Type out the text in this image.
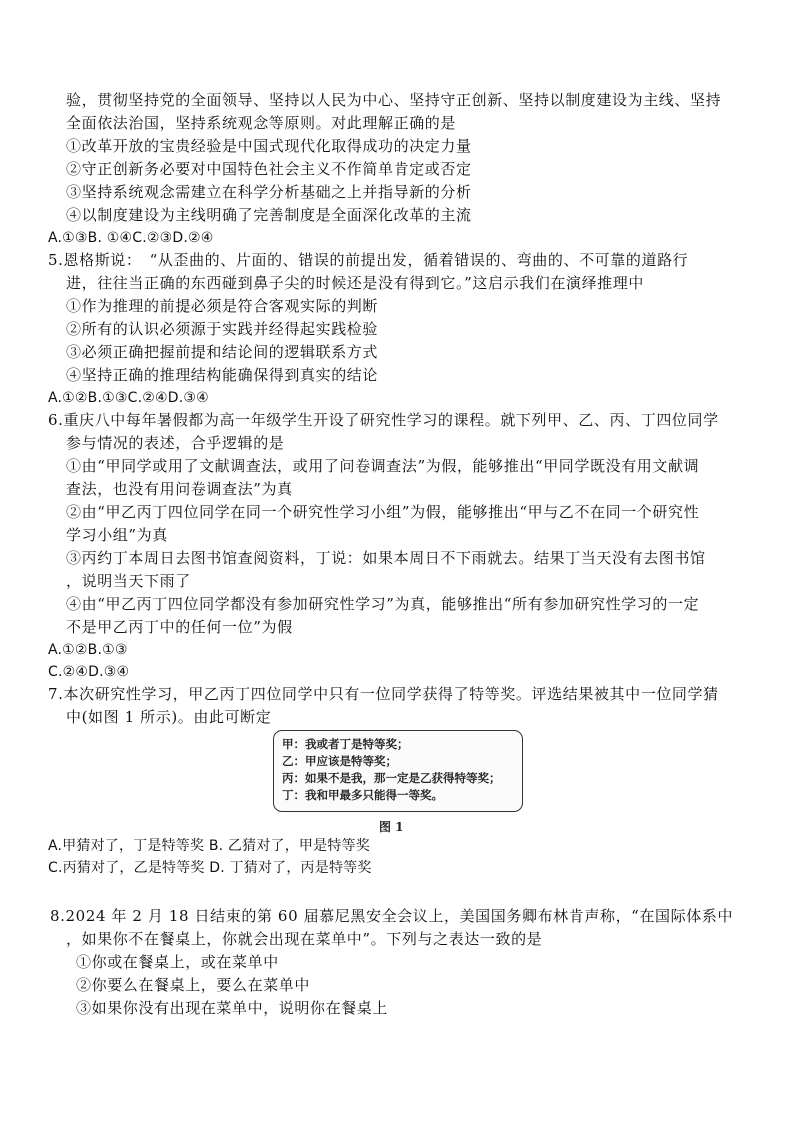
验，贯彻坚持党的全面领导、坚持以人民为中心、坚持守正创新、坚持以制度建设为主线、坚持
全面依法治国，坚持系统观念等原则。对此理解正确的是
①改革开放的宝贵经验是中国式现代化取得成功的决定力量
②守正创新务必要对中国特色社会主义不作简单肯定或否定
③坚持系统观念需建立在科学分析基础之上并指导新的分析
④以制度建设为主线明确了完善制度是全面深化改革的主流
A.①③B. ①④C.②③D.②④
5.恩格斯说：　“从歪曲的、片面的、错误的前提出发，循着错误的、弯曲的、不可靠的道路行
进，往往当正确的东西碰到鼻子尖的时候还是没有得到它。”这启示我们在演绎推理中
①作为推理的前提必须是符合客观实际的判断
②所有的认识必须源于实践并经得起实践检验
③必须正确把握前提和结论间的逻辑联系方式
④坚持正确的推理结构能确保得到真实的结论
A.①②B.①③C.②④D.③④
6.重庆八中每年暑假都为高一年级学生开设了研究性学习的课程。就下列甲、乙、丙、丁四位同学
参与情况的表述，合乎逻辑的是
①由“甲同学或用了文献调查法，或用了问卷调查法”为假，能够推出“甲同学既没有用文献调
查法，也没有用问卷调查法”为真
②由“甲乙丙丁四位同学在同一个研究性学习小组”为假，能够推出“甲与乙不在同一个研究性
学习小组”为真
③丙约丁本周日去图书馆查阅资料，丁说：如果本周日不下雨就去。结果丁当天没有去图书馆
，说明当天下雨了
④由“甲乙丙丁四位同学都没有参加研究性学习”为真，能够推出“所有参加研究性学习的一定
不是甲乙丙丁中的任何一位”为假
A.①②B.①③
C.②④D.③④
7.本次研究性学习，甲乙丙丁四位同学中只有一位同学获得了特等奖。评选结果被其中一位同学猜
中(如图 1 所示)。由此可断定
甲：我或者丁是特等奖；
乙：甲应该是特等奖；
丙：如果不是我，那一定是乙获得特等奖；
丁：我和甲最多只能得一等奖。
图 1
A.甲猜对了，丁是特等奖 B. 乙猜对了，甲是特等奖
C.丙猜对了，乙是特等奖 D. 丁猜对了，丙是特等奖
8.2024 年 2 月 18 日结束的第 60 届慕尼黑安全会议上，美国国务卿布林肯声称，“在国际体系中
，如果你不在餐桌上，你就会出现在菜单中”。下列与之表达一致的是
①你或在餐桌上，或在菜单中
②你要么在餐桌上，要么在菜单中
③如果你没有出现在菜单中，说明你在餐桌上
